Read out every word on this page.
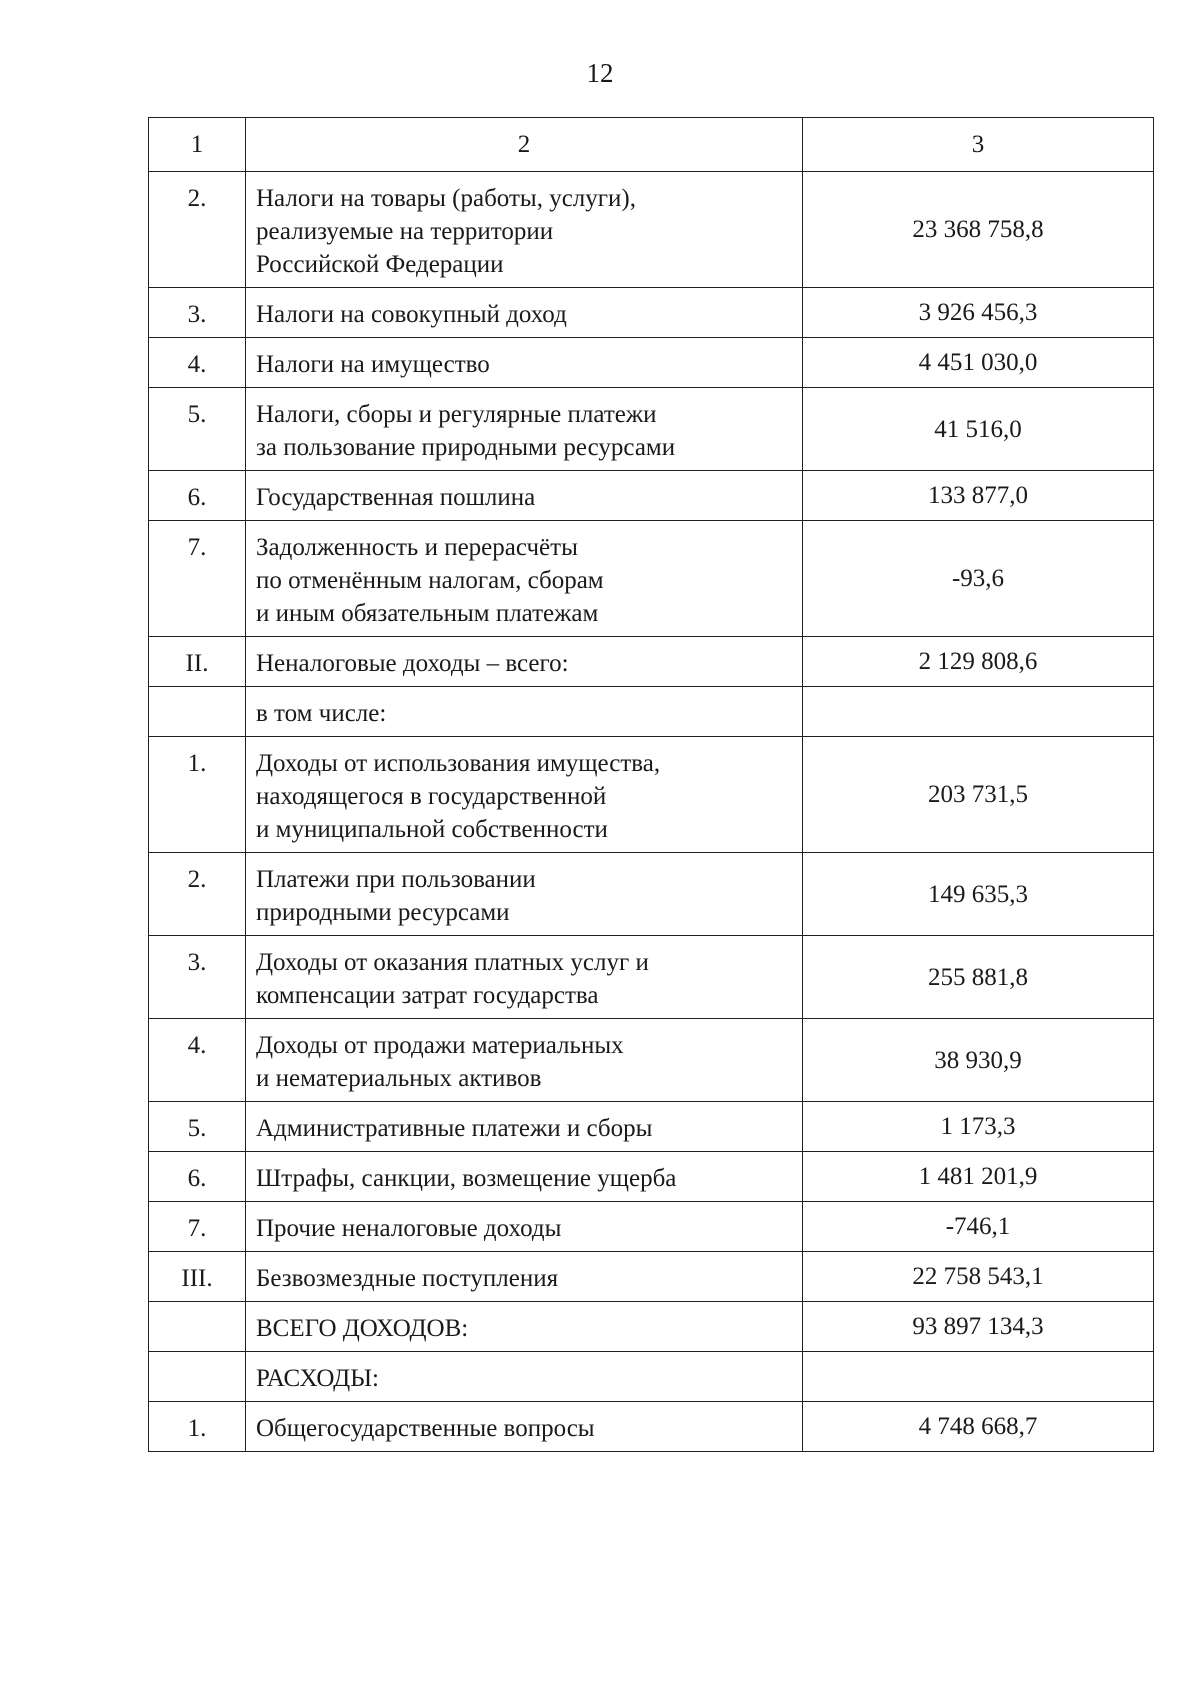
12
1	2	3
2.	Налоги на товары (работы, услуги),
реализуемые на территории
Российской Федерации	23 368 758,8
3.	Налоги на совокупный доход	3 926 456,3
4.	Налоги на имущество	4 451 030,0
5.	Налоги, сборы и регулярные платежи
за пользование природными ресурсами	41 516,0
6.	Государственная пошлина	133 877,0
7.	Задолженность и перерасчёты
по отменённым налогам, сборам
и иным обязательным платежам	-93,6
II.	Неналоговые доходы – всего:	2 129 808,6
	в том числе:	
1.	Доходы от использования имущества,
находящегося в государственной
и муниципальной собственности	203 731,5
2.	Платежи при пользовании
природными ресурсами	149 635,3
3.	Доходы от оказания платных услуг и
компенсации затрат государства	255 881,8
4.	Доходы от продажи материальных
и нематериальных активов	38 930,9
5.	Административные платежи и сборы	1 173,3
6.	Штрафы, санкции, возмещение ущерба	1 481 201,9
7.	Прочие неналоговые доходы	-746,1
III.	Безвозмездные поступления	22 758 543,1
	ВСЕГО ДОХОДОВ:	93 897 134,3
	РАСХОДЫ:	
1.	Общегосударственные вопросы	4 748 668,7
